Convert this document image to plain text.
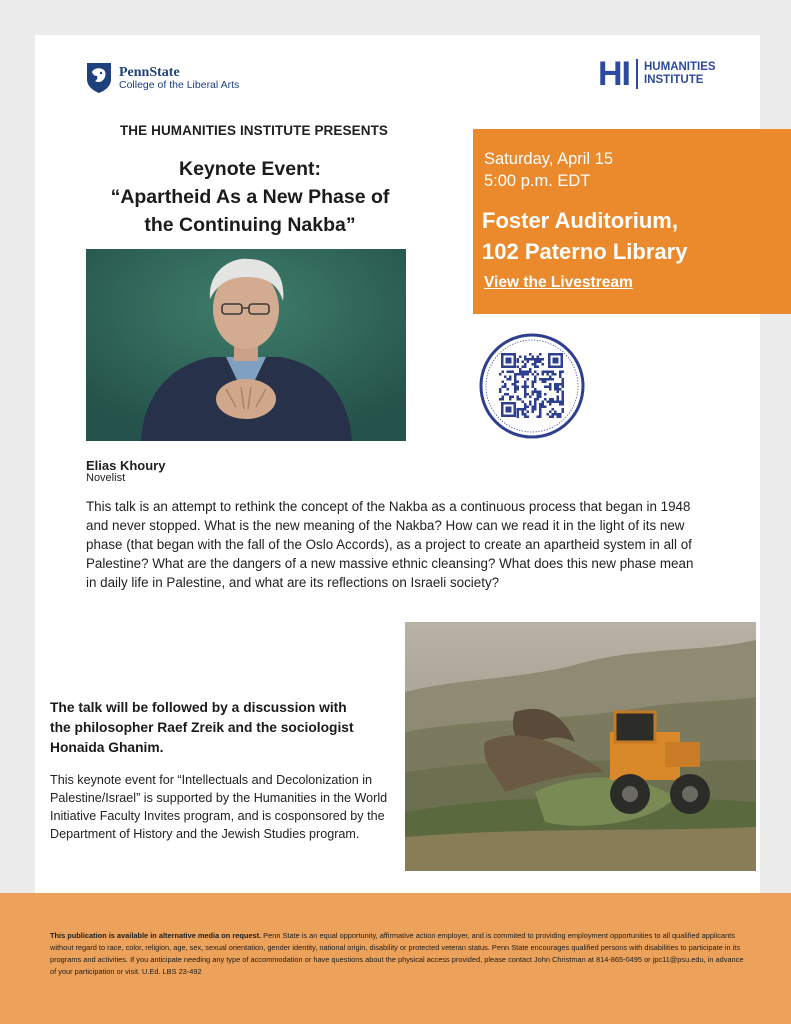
PennState
College of the Liberal Arts	HI HUMANITIES
INSTITUTE
THE HUMANITIES INSTITUTE PRESENTS
Keynote Event:
“Apartheid As a New Phase of
the Continuing Nakba”
Saturday, April 15
5:00 p.m. EDT
Foster Auditorium,
102 Paterno Library
View the Livestream
Elias Khoury
Novelist

This talk is an attempt to rethink the concept of the Nakba as a continuous process that began in 1948 and never stopped. What is the new meaning of the Nakba? How can we read it in the light of its new phase (that began with the fall of the Oslo Accords), as a project to create an apartheid system in all of Palestine? What are the dangers of a new massive ethnic cleansing? What does this new phase mean in daily life in Palestine, and what are its reflections on Israeli society?

The talk will be followed by a discussion with the philosopher Raef Zreik and the sociologist Honaida Ghanim.

This keynote event for “Intellectuals and Decolonization in Palestine/Israel” is supported by the Humanities in the World Initiative Faculty Invites program, and is cosponsored by the Department of History and the Jewish Studies program.

This publication is available in alternative media on request. Penn State is an equal opportunity, affirmative action employer, and is commited to providing employment opportunities to all qualified applicants without regard to race, color, religion, age, sex, sexual orientation, gender identity, national origin, disability or protected veteran status. Penn State encourages qualified persons with disabilities to participate in its programs and activities. If you anticipate needing any type of accommodation or have questions about the physical access provided, please contact John Christman at 814-865-0495 or jpc11@psu.edu, in advance of your participation or visit. U.Ed. LBS 23-492
